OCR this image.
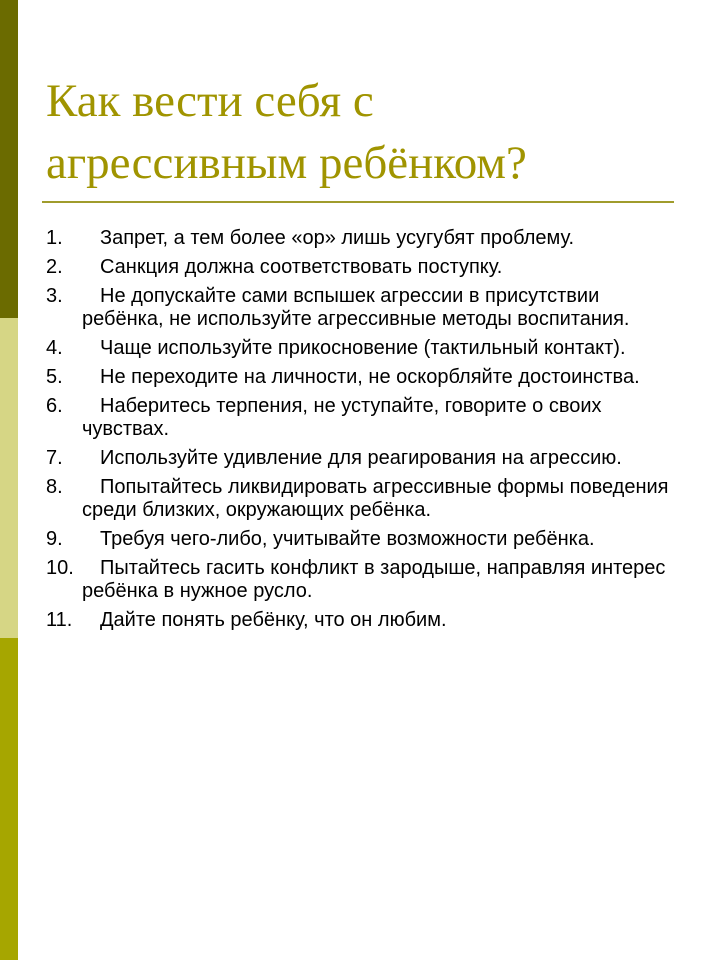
Как вести себя с
агрессивным ребёнком?
1.	Запрет, а тем более «ор» лишь усугубят проблему.
2.	Санкция должна соответствовать поступку.
3.	Не допускайте сами вспышек агрессии в присутствии ребёнка, не используйте агрессивные методы воспитания.
4.	Чаще используйте прикосновение (тактильный контакт).
5.	Не переходите на личности, не оскорбляйте достоинства.
6.	Наберитесь терпения, не уступайте, говорите о своих чувствах.
7.	Используйте удивление для реагирования на агрессию.
8.	Попытайтесь ликвидировать агрессивные формы поведения среди близких, окружающих ребёнка.
9.	Требуя чего-либо, учитывайте возможности ребёнка.
10.	Пытайтесь гасить конфликт в зародыше, направляя интерес ребёнка в нужное русло.
11.	Дайте понять ребёнку, что он любим.
